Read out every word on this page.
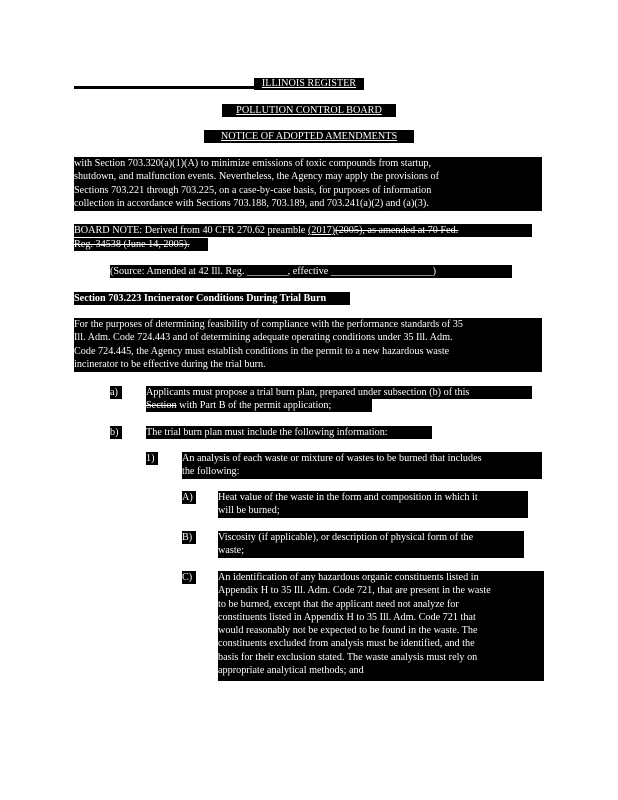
ILLINOIS REGISTER
POLLUTION CONTROL BOARD
NOTICE OF ADOPTED AMENDMENTS
with Section 703.320(a)(1)(A) to minimize emissions of toxic compounds from startup,
shutdown, and malfunction events. Nevertheless, the Agency may apply the provisions of
Sections 703.221 through 703.225, on a case-by-case basis, for purposes of information
collection in accordance with Sections 703.188, 703.189, and 703.241(a)(2) and (a)(3).
BOARD NOTE: Derived from 40 CFR 270.62 preamble (2017)(2005), as amended at 70 Fed.
Reg. 34538 (June 14, 2005).
(Source: Amended at 42 Ill. Reg. ________, effective ____________________)
Section 703.223 Incinerator Conditions During Trial Burn
For the purposes of determining feasibility of compliance with the performance standards of 35
Ill. Adm. Code 724.443 and of determining adequate operating conditions under 35 Ill. Adm.
Code 724.445, the Agency must establish conditions in the permit to a new hazardous waste
incinerator to be effective during the trial burn.
a)	Applicants must propose a trial burn plan, prepared under subsection (b) of this
Section with Part B of the permit application;
b)	The trial burn plan must include the following information:
1)	An analysis of each waste or mixture of wastes to be burned that includes
the following:
A)	Heat value of the waste in the form and composition in which it
will be burned;
B)	Viscosity (if applicable), or description of physical form of the
waste;
C)	An identification of any hazardous organic constituents listed in
Appendix H to 35 Ill. Adm. Code 721, that are present in the waste
to be burned, except that the applicant need not analyze for
constituents listed in Appendix H to 35 Ill. Adm. Code 721 that
would reasonably not be expected to be found in the waste. The
constituents excluded from analysis must be identified, and the
basis for their exclusion stated. The waste analysis must rely on
appropriate analytical methods; and
